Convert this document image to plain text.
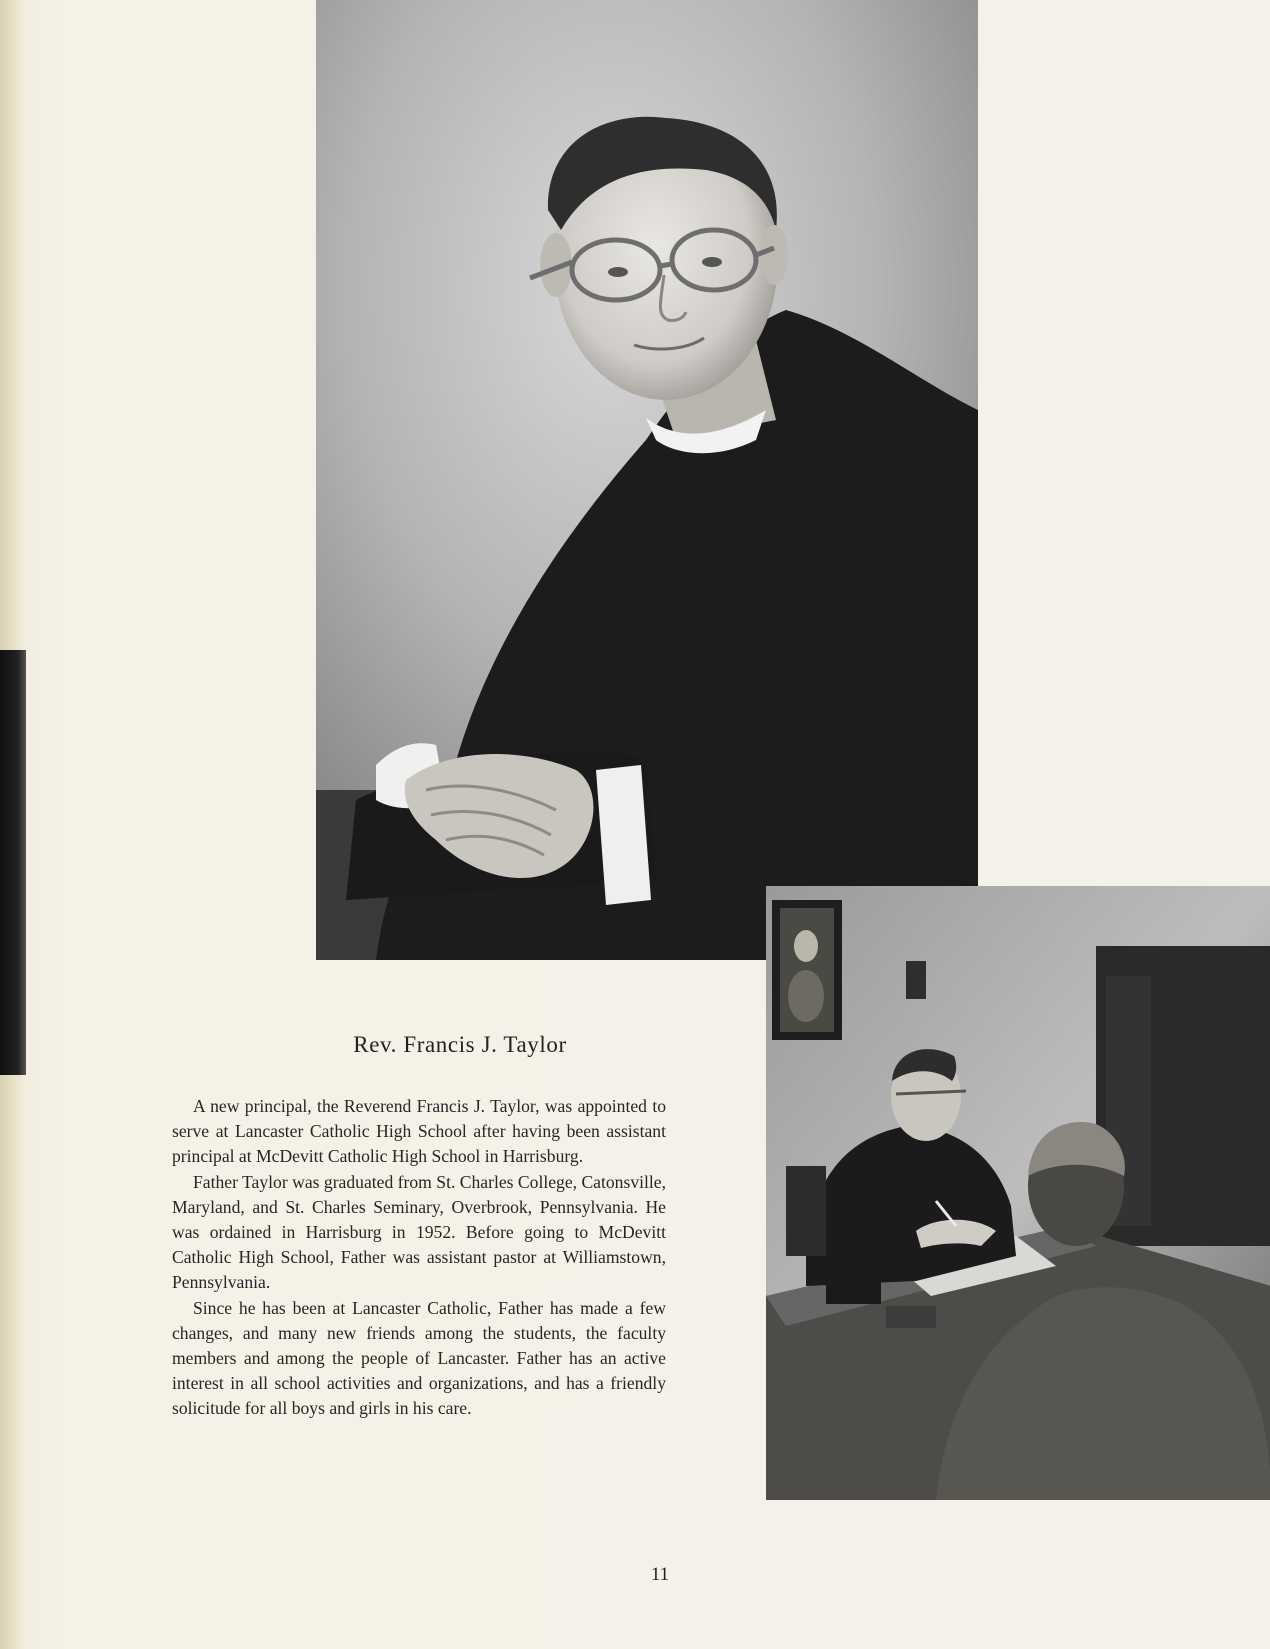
Rev. Francis J. Taylor

A new principal, the Reverend Francis J. Taylor, was appointed to serve at Lancaster Catholic High School after having been assistant principal at McDevitt Catholic High School in Harrisburg.

Father Taylor was graduated from St. Charles College, Catonsville, Maryland, and St. Charles Seminary, Overbrook, Pennsylvania. He was ordained in Harrisburg in 1952. Before going to McDevitt Catholic High School, Father was assistant pastor at Williamstown, Pennsylvania.

Since he has been at Lancaster Catholic, Father has made a few changes, and many new friends among the students, the faculty members and among the people of Lancaster. Father has an active interest in all school activities and organizations, and has a friendly solicitude for all boys and girls in his care.

11
